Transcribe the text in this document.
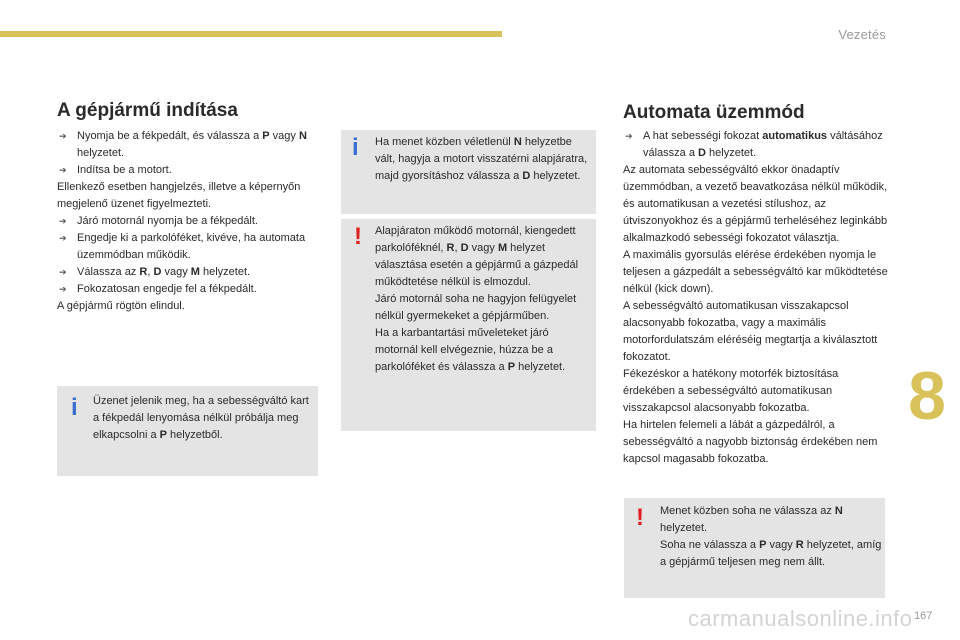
Vezetés
8
A gépjármű indítása

➔ Nyomja be a fékpedált, és válassza a P vagy N helyzetet.

➔ Indítsa be a motort.

Ellenkező esetben hangjelzés, illetve a képernyőn megjelenő üzenet figyelmezteti.

➔ Járó motornál nyomja be a fékpedált.

➔ Engedje ki a parkolóféket, kivéve, ha automata üzemmódban működik.

➔ Válassza az R, D vagy M helyzetet.

➔ Fokozatosan engedje fel a fékpedált.

A gépjármű rögtön elindul.

i Üzenet jelenik meg, ha a sebességváltó kart a fékpedál lenyomása nélkül próbálja meg elkapcsolni a P helyzetből.
i Ha menet közben véletlenül N helyzetbe vált, hagyja a motort visszatérni alapjáratra, majd gyorsításhoz válassza a D helyzetet.
! Alapjáraton működő motornál, kiengedett parkolóféknél, R, D vagy M helyzet választása esetén a gépjármű a gázpedál működtetése nélkül is elmozdul.
Járó motornál soha ne hagyjon felügyelet nélkül gyermekeket a gépjárműben.
Ha a karbantartási műveleteket járó motornál kell elvégeznie, húzza be a parkolóféket és válassza a P helyzetet.
Automata üzemmód

➔ A hat sebességi fokozat automatikus váltásához válassza a D helyzetet.

Az automata sebességváltó ekkor önadaptív üzemmódban, a vezető beavatkozása nélkül működik, és automatikusan a vezetési stílushoz, az útviszonyokhoz és a gépjármű terheléséhez leginkább alkalmazkodó sebességi fokozatot választja.

A maximális gyorsulás elérése érdekében nyomja le teljesen a gázpedált a sebességváltó kar működtetése nélkül (kick down).

A sebességváltó automatikusan visszakapcsol alacsonyabb fokozatba, vagy a maximális motorfordulatszám eléréséig megtartja a kiválasztott fokozatot.

Fékezéskor a hatékony motorfék biztosítása érdekében a sebességváltó automatikusan visszakapcsol alacsonyabb fokozatba.

Ha hirtelen felemeli a lábát a gázpedálról, a sebességváltó a nagyobb biztonság érdekében nem kapcsol magasabb fokozatba.

! Menet közben soha ne válassza az N helyzetet.
Soha ne válassza a P vagy R helyzetet, amíg a gépjármű teljesen meg nem állt.
carmanualsonline.info 167
